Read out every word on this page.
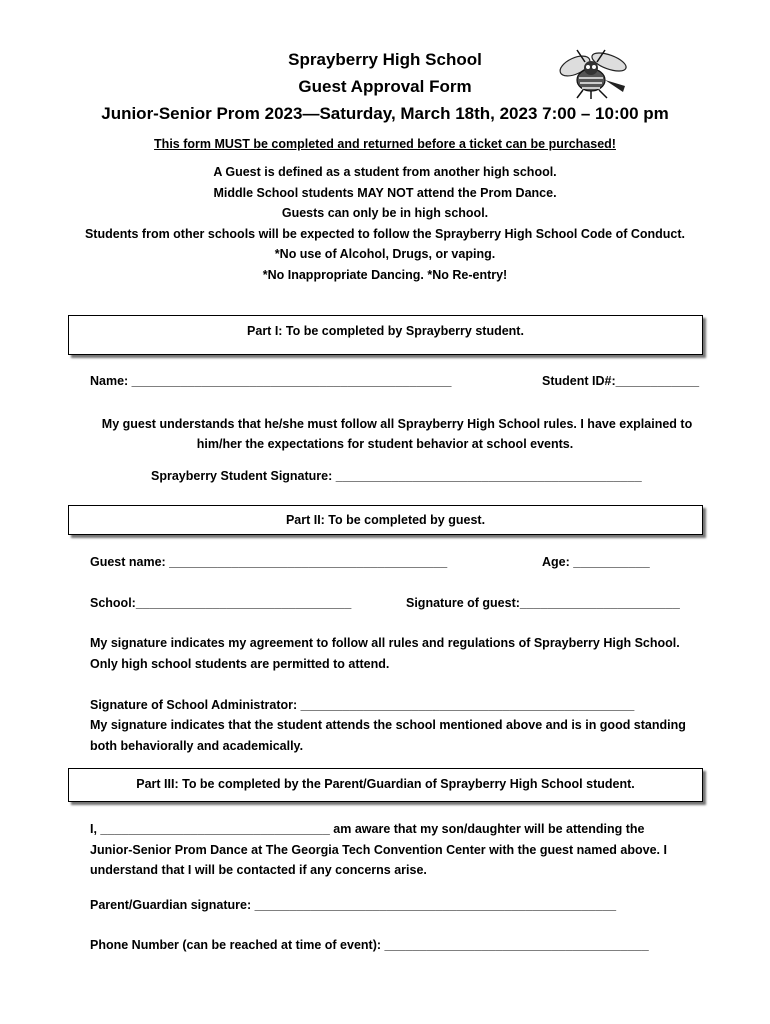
Sprayberry High School
Guest Approval Form
Junior-Senior Prom 2023—Saturday, March 18th, 2023 7:00 – 10:00 pm
This form MUST be completed and returned before a ticket can be purchased!
A Guest is defined as a student from another high school.
Middle School students MAY NOT attend the Prom Dance.
Guests can only be in high school.
Students from other schools will be expected to follow the Sprayberry High School Code of Conduct.
*No use of Alcohol, Drugs, or vaping.
*No Inappropriate Dancing. *No Re-entry!
Part I: To be completed by Sprayberry student.
Name: ______________________________________________	Student ID#:____________
My guest understands that he/she must follow all Sprayberry High School rules. I have explained to
him/her the expectations for student behavior at school events.
Sprayberry Student Signature: ____________________________________________
Part II: To be completed by guest.
Guest name: ________________________________________	Age: ___________
School:_______________________________	Signature of guest:_______________________
My signature indicates my agreement to follow all rules and regulations of Sprayberry High School.
Only high school students are permitted to attend.
Signature of School Administrator: ________________________________________________
My signature indicates that the student attends the school mentioned above and is in good standing
both behaviorally and academically.
Part III: To be completed by the Parent/Guardian of Sprayberry High School student.
I, _________________________________ am aware that my son/daughter will be attending the
Junior-Senior Prom Dance at The Georgia Tech Convention Center with the guest named above. I
understand that I will be contacted if any concerns arise.
Parent/Guardian signature: ____________________________________________________
Phone Number (can be reached at time of event): ______________________________________
